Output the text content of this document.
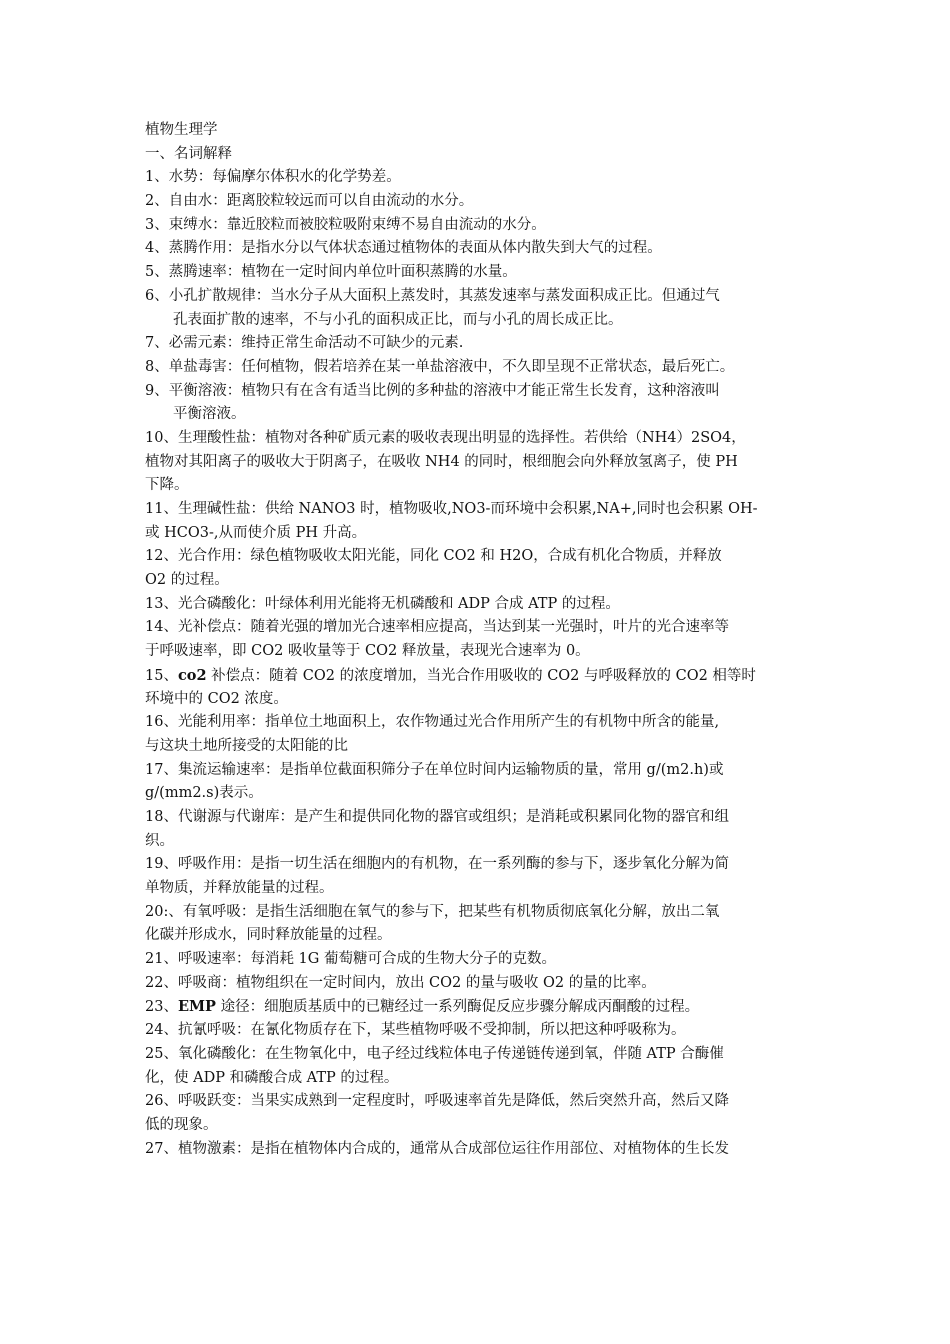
植物生理学
一、名词解释
1、水势：每偏摩尔体积水的化学势差。
2、自由水：距离胶粒较远而可以自由流动的水分。
3、束缚水：靠近胶粒而被胶粒吸附束缚不易自由流动的水分。
4、蒸腾作用：是指水分以气体状态通过植物体的表面从体内散失到大气的过程。
5、蒸腾速率：植物在一定时间内单位叶面积蒸腾的水量。
6、小孔扩散规律：当水分子从大面积上蒸发时，其蒸发速率与蒸发面积成正比。但通过气
孔表面扩散的速率，不与小孔的面积成正比，而与小孔的周长成正比。
7、必需元素：维持正常生命活动不可缺少的元素.
8、单盐毒害：任何植物，假若培养在某一单盐溶液中，不久即呈现不正常状态，最后死亡。
9、平衡溶液：植物只有在含有适当比例的多种盐的溶液中才能正常生长发育，这种溶液叫
平衡溶液。
10、生理酸性盐：植物对各种矿质元素的吸收表现出明显的选择性。若供给（NH4）2SO4，
植物对其阳离子的吸收大于阴离子，在吸收 NH4 的同时，根细胞会向外释放氢离子，使 PH
下降。
11、生理碱性盐：供给 NANO3 时，植物吸收,NO3-而环境中会积累,NA+,同时也会积累 OH-
或 HCO3-,从而使介质 PH 升高。
12、光合作用：绿色植物吸收太阳光能，同化 CO2 和 H2O，合成有机化合物质，并释放
O2 的过程。
13、光合磷酸化：叶绿体利用光能将无机磷酸和 ADP 合成 ATP 的过程。
14、光补偿点：随着光强的增加光合速率相应提高，当达到某一光强时，叶片的光合速率等
于呼吸速率，即 CO2 吸收量等于 CO2 释放量，表现光合速率为 0。
15、co2 补偿点：随着 CO2 的浓度增加，当光合作用吸收的 CO2 与呼吸释放的 CO2 相等时
环境中的 CO2 浓度。
16、光能利用率：指单位土地面积上，农作物通过光合作用所产生的有机物中所含的能量,
与这块土地所接受的太阳能的比
17、集流运输速率：是指单位截面积筛分子在单位时间内运输物质的量，常用 g/(m2.h)或
g/(mm2.s)表示。
18、代谢源与代谢库：是产生和提供同化物的器官或组织；是消耗或积累同化物的器官和组
织。
19、呼吸作用：是指一切生活在细胞内的有机物，在一系列酶的参与下，逐步氧化分解为简
单物质，并释放能量的过程。
20:、有氧呼吸：是指生活细胞在氧气的参与下，把某些有机物质彻底氧化分解，放出二氧
化碳并形成水，同时释放能量的过程。
21、呼吸速率：每消耗 1G 葡萄糖可合成的生物大分子的克数。
22、呼吸商：植物组织在一定时间内，放出 CO2 的量与吸收 O2 的量的比率。
23、EMP 途径：细胞质基质中的已糖经过一系列酶促反应步骤分解成丙酮酸的过程。
24、抗氰呼吸：在氰化物质存在下，某些植物呼吸不受抑制，所以把这种呼吸称为。
25、氧化磷酸化：在生物氧化中，电子经过线粒体电子传递链传递到氧，伴随 ATP 合酶催
化，使 ADP 和磷酸合成 ATP 的过程。
26、呼吸跃变：当果实成熟到一定程度时，呼吸速率首先是降低，然后突然升高，然后又降
低的现象。
27、植物激素：是指在植物体内合成的，通常从合成部位运往作用部位、对植物体的生长发
